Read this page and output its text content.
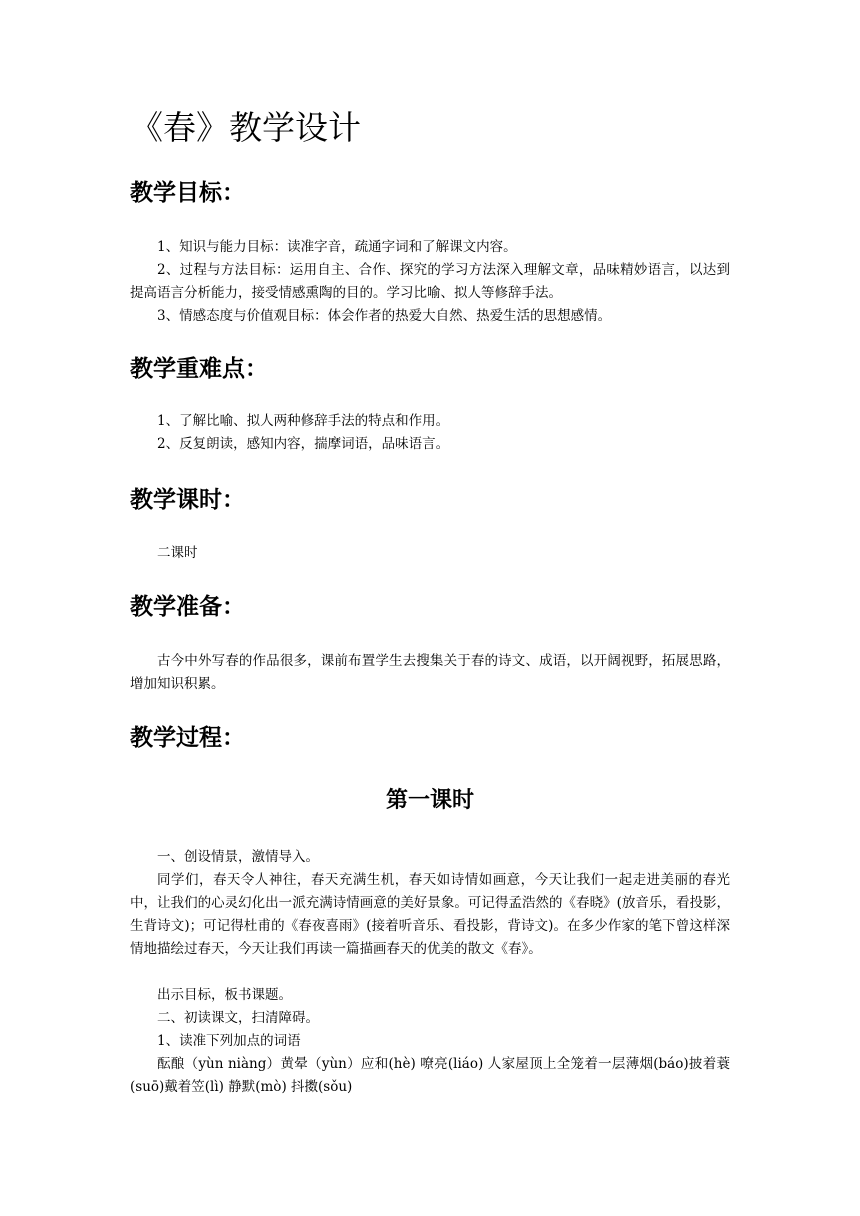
《春》教学设计
教学目标：

1、知识与能力目标：读准字音，疏通字词和了解课文内容。

2、过程与方法目标：运用自主、合作、探究的学习方法深入理解文章，品味精妙语言，以达到提高语言分析能力，接受情感熏陶的目的。学习比喻、拟人等修辞手法。

3、情感态度与价值观目标：体会作者的热爱大自然、热爱生活的思想感情。

教学重难点：

1、了解比喻、拟人两种修辞手法的特点和作用。

2、反复朗读，感知内容，揣摩词语，品味语言。

教学课时：

二课时

教学准备：

古今中外写春的作品很多，课前布置学生去搜集关于春的诗文、成语，以开阔视野，拓展思路，增加知识积累。

教学过程：
第一课时

一、创设情景，激情导入。

同学们，春天令人神往，春天充满生机，春天如诗情如画意，今天让我们一起走进美丽的春光中，让我们的心灵幻化出一派充满诗情画意的美好景象。可记得孟浩然的《春晓》(放音乐，看投影，生背诗文)；可记得杜甫的《春夜喜雨》(接着听音乐、看投影，背诗文)。在多少作家的笔下曾这样深情地描绘过春天，今天让我们再读一篇描画春天的优美的散文《春》。

出示目标，板书课题。

二、初读课文，扫清障碍。

1、读准下列加点的词语

酝酿（yùn niàng）黄晕（yùn）应和(hè) 嘹亮(liáo) 人家屋顶上全笼着一层薄烟(báo)披着蓑(suō)戴着笠(lì) 静默(mò) 抖擞(sǒu)
